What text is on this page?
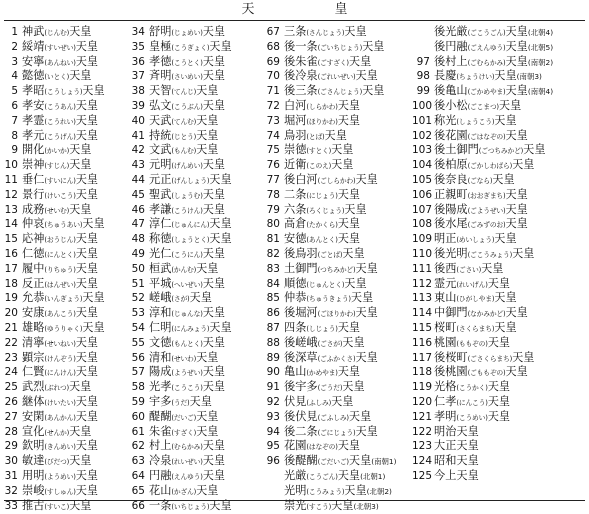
天　　皇
1 神武(じんむ)天皇
2 綏靖(すいぜい)天皇
3 安寧(あんねい)天皇
4 懿徳(いとく)天皇
5 孝昭(こうしょう)天皇
6 孝安(こうあん)天皇
7 孝霊(こうれい)天皇
8 孝元(こうげん)天皇
9 開化(かいか)天皇
10 崇神(すじん)天皇
11 垂仁(すいにん)天皇
12 景行(けいこう)天皇
13 成務(せいむ)天皇
14 仲哀(ちゅうあい)天皇
15 応神(おうじん)天皇
16 仁徳(にんとく)天皇
17 履中(りちゅう)天皇
18 反正(はんぜい)天皇
19 允恭(いんぎょう)天皇
20 安康(あんこう)天皇
21 雄略(ゆうりゃく)天皇
22 清寧(せいねい)天皇
23 顕宗(けんぞう)天皇
24 仁賢(にんけん)天皇
25 武烈(ぶれつ)天皇
26 継体(けいたい)天皇
27 安閑(あんかん)天皇
28 宣化(せんか)天皇
29 欽明(きんめい)天皇
30 敏達(びだつ)天皇
31 用明(ようめい)天皇
32 崇峻(すしゅん)天皇
33 推古(すいこ)天皇
34 舒明(じょめい)天皇
35 皇極(こうぎょく)天皇
36 孝徳(こうとく)天皇
37 斉明(さいめい)天皇
38 天智(てんじ)天皇
39 弘文(こうぶん)天皇
40 天武(てんむ)天皇
41 持統(じとう)天皇
42 文武(もんむ)天皇
43 元明(げんめい)天皇
44 元正(げんしょう)天皇
45 聖武(しょうむ)天皇
46 孝謙(こうけん)天皇
47 淳仁(じゅんにん)天皇
48 称徳(しょうとく)天皇
49 光仁(こうにん)天皇
50 桓武(かんむ)天皇
51 平城(へいぜい)天皇
52 嵯峨(さが)天皇
53 淳和(じゅんな)天皇
54 仁明(にんみょう)天皇
55 文徳(もんとく)天皇
56 清和(せいわ)天皇
57 陽成(ようぜい)天皇
58 光孝(こうこう)天皇
59 宇多(うだ)天皇
60 醍醐(だいご)天皇
61 朱雀(すざく)天皇
62 村上(むらかみ)天皇
63 冷泉(れいぜい)天皇
64 円融(えんゆう)天皇
65 花山(かざん)天皇
66 一条(いちじょう)天皇
67 三条(さんじょう)天皇
68 後一条(ごいちじょう)天皇
69 後朱雀(ごすざく)天皇
70 後冷泉(ごれいぜい)天皇
71 後三条(ごさんじょう)天皇
72 白河(しらかわ)天皇
73 堀河(ほりかわ)天皇
74 鳥羽(とば)天皇
75 崇徳(すとく)天皇
76 近衛(このえ)天皇
77 後白河(ごしらかわ)天皇
78 二条(にじょう)天皇
79 六条(ろくじょう)天皇
80 高倉(たかくら)天皇
81 安徳(あんとく)天皇
82 後鳥羽(ごとば)天皇
83 土御門(つちみかど)天皇
84 順徳(じゅんとく)天皇
85 仲恭(ちゅうきょう)天皇
86 後堀河(ごほりかわ)天皇
87 四条(しじょう)天皇
88 後嵯峨(ごさが)天皇
89 後深草(ごふかくさ)天皇
90 亀山(かめやま)天皇
91 後宇多(ごうだ)天皇
92 伏見(ふしみ)天皇
93 後伏見(ごふしみ)天皇
94 後二条(ごにじょう)天皇
95 花園(はなぞの)天皇
96 後醍醐(ごだいご)天皇(南朝1)
光厳(こうごん)天皇(北朝1)
光明(こうみょう)天皇(北朝2)
崇光(すこう)天皇(北朝3)
後光厳(ごこうごん)天皇(北朝4)
後円融(ごえんゆう)天皇(北朝5)
97 後村上(ごむらかみ)天皇(南朝2)
98 長慶(ちょうけい)天皇(南朝3)
99 後亀山(ごかめやま)天皇(南朝4)
100 後小松(ごこまつ)天皇
101 称光(しょうこう)天皇
102 後花園(ごはなぞの)天皇
103 後土御門(ごつちみかど)天皇
104 後柏原(ごかしわばら)天皇
105 後奈良(ごなら)天皇
106 正親町(おおぎまち)天皇
107 後陽成(ごようぜい)天皇
108 後水尾(ごみずのお)天皇
109 明正(めいしょう)天皇
110 後光明(ごこうみょう)天皇
111 後西(ごさい)天皇
112 霊元(れいげん)天皇
113 東山(ひがしやま)天皇
114 中御門(なかみかど)天皇
115 桜町(さくらまち)天皇
116 桃園(ももぞの)天皇
117 後桜町(ごさくらまち)天皇
118 後桃園(ごももぞの)天皇
119 光格(こうかく)天皇
120 仁孝(にんこう)天皇
121 孝明(こうめい)天皇
122 明治天皇
123 大正天皇
124 昭和天皇
125 今上天皇
